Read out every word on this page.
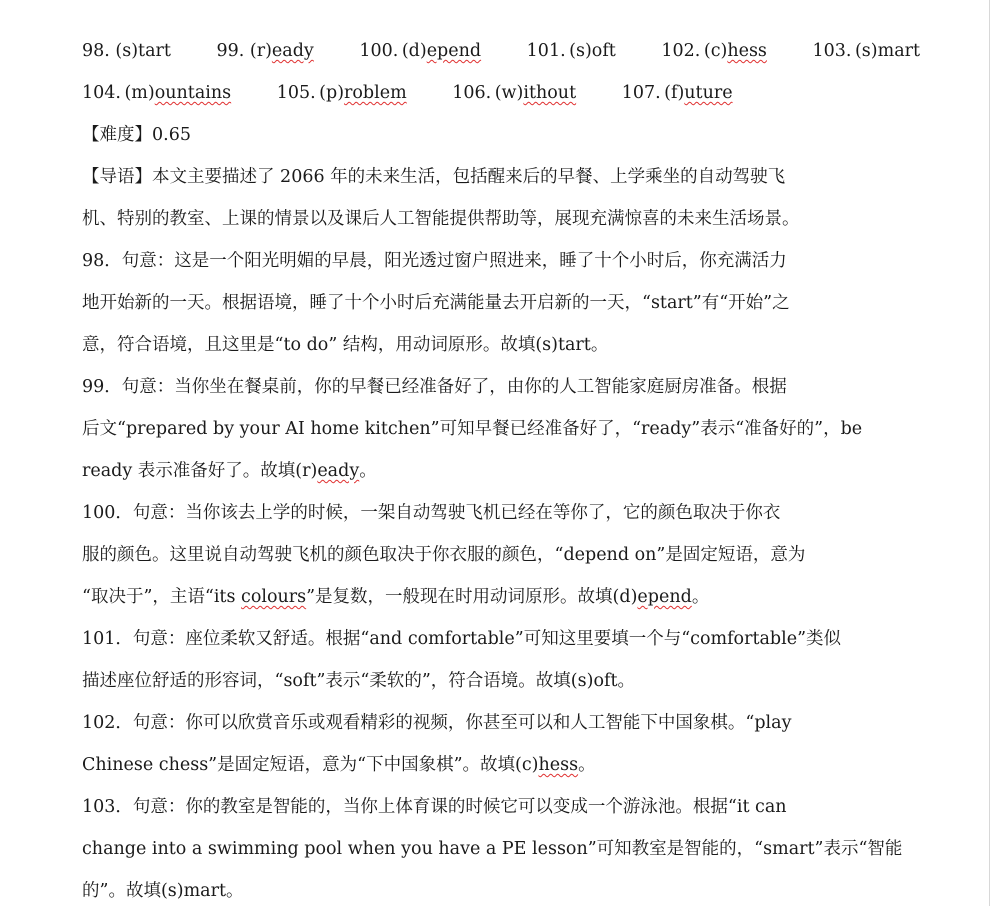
98. (s)tart	99. (r)eady	100. (d)epend	101. (s)oft	102. (c)hess	103. (s)mart
104. (m)ountains	105. (p)roblem	106. (w)ithout	107. (f)uture
【难度】0.65
【导语】本文主要描述了 2066 年的未来生活，包括醒来后的早餐、上学乘坐的自动驾驶飞
机、特别的教室、上课的情景以及课后人工智能提供帮助等，展现充满惊喜的未来生活场景。
98．句意：这是一个阳光明媚的早晨，阳光透过窗户照进来，睡了十个小时后，你充满活力
地开始新的一天。根据语境，睡了十个小时后充满能量去开启新的一天，“start”有“开始”之
意，符合语境，且这里是“to do” 结构，用动词原形。故填(s)tart。
99．句意：当你坐在餐桌前，你的早餐已经准备好了，由你的人工智能家庭厨房准备。根据
后文“prepared by your AI home kitchen”可知早餐已经准备好了，“ready”表示“准备好的”，be
ready 表示准备好了。故填(r)eady。
100．句意：当你该去上学的时候，一架自动驾驶飞机已经在等你了，它的颜色取决于你衣
服的颜色。这里说自动驾驶飞机的颜色取决于你衣服的颜色，“depend on”是固定短语，意为
“取决于”，主语“its colours”是复数，一般现在时用动词原形。故填(d)epend。
101．句意：座位柔软又舒适。根据“and comfortable”可知这里要填一个与“comfortable”类似
描述座位舒适的形容词，“soft”表示“柔软的”，符合语境。故填(s)oft。
102．句意：你可以欣赏音乐或观看精彩的视频，你甚至可以和人工智能下中国象棋。“play
Chinese chess”是固定短语，意为“下中国象棋”。故填(c)hess。
103．句意：你的教室是智能的，当你上体育课的时候它可以变成一个游泳池。根据“it can
change into a swimming pool when you have a PE lesson”可知教室是智能的，“smart”表示“智能
的”。故填(s)mart。
